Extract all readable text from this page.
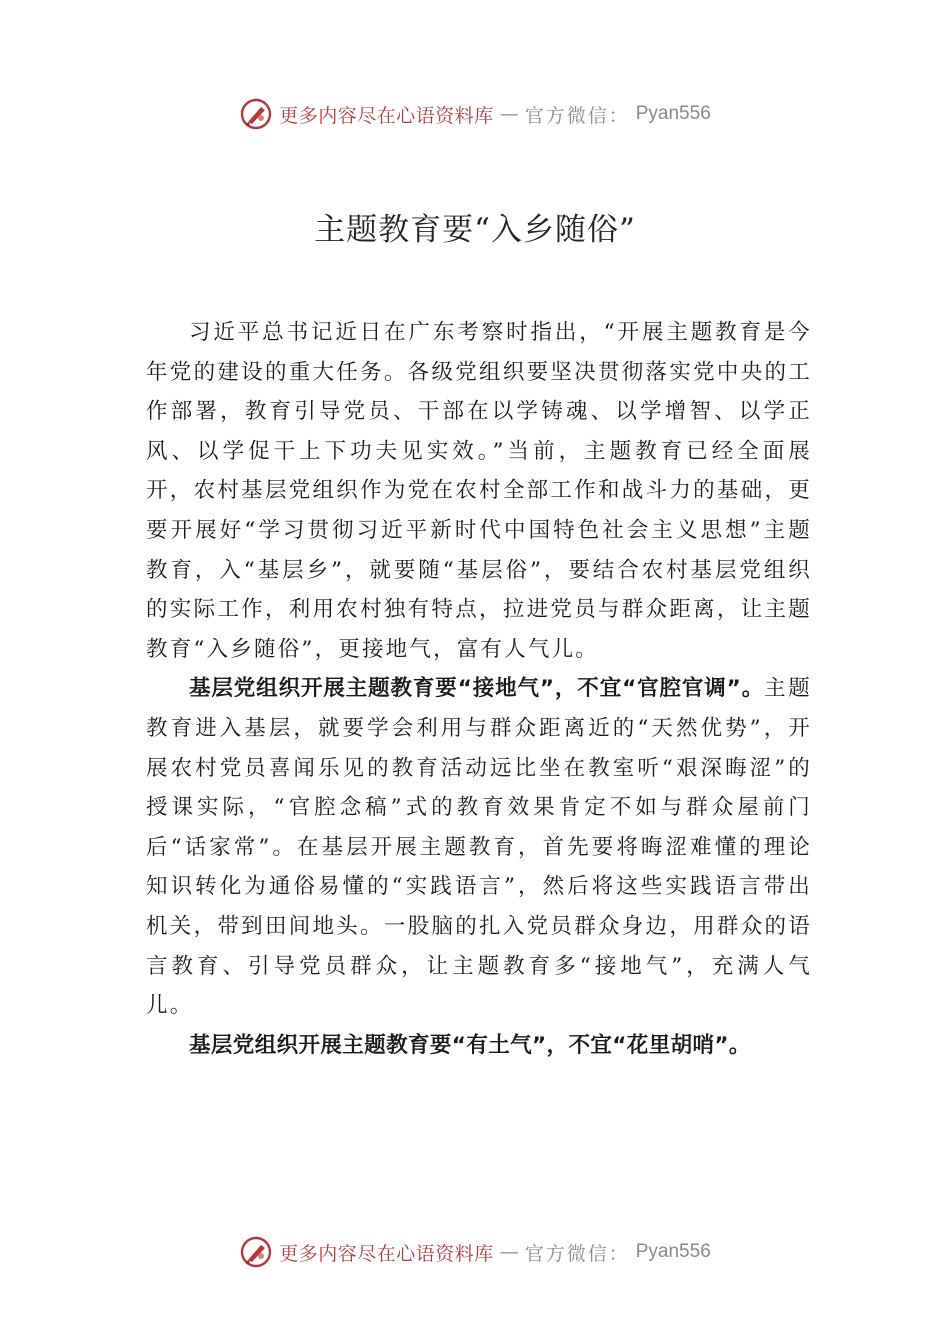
更多内容尽在心语资料库 — 官方微信： Pyan556
主题教育要“入乡随俗”

习近平总书记近日在广东考察时指出，“开展主题教育是今年党的建设的重大任务。各级党组织要坚决贯彻落实党中央的工作部署，教育引导党员、干部在以学铸魂、以学增智、以学正风、以学促干上下功夫见实效。”当前，主题教育已经全面展开，农村基层党组织作为党在农村全部工作和战斗力的基础，更要开展好“学习贯彻习近平新时代中国特色社会主义思想”主题教育，入“基层乡”，就要随“基层俗”，要结合农村基层党组织的实际工作，利用农村独有特点，拉进党员与群众距离，让主题教育“入乡随俗”，更接地气，富有人气儿。

基层党组织开展主题教育要“接地气”，不宜“官腔官调”。主题教育进入基层，就要学会利用与群众距离近的“天然优势”，开展农村党员喜闻乐见的教育活动远比坐在教室听“艰深晦涩”的授课实际，“官腔念稿”式的教育效果肯定不如与群众屋前门后“话家常”。在基层开展主题教育，首先要将晦涩难懂的理论知识转化为通俗易懂的“实践语言”，然后将这些实践语言带出机关，带到田间地头。一股脑的扎入党员群众身边，用群众的语言教育、引导党员群众，让主题教育多“接地气”，充满人气儿。

基层党组织开展主题教育要“有土气”，不宜“花里胡哨”。

更多内容尽在心语资料库 — 官方微信： Pyan556
